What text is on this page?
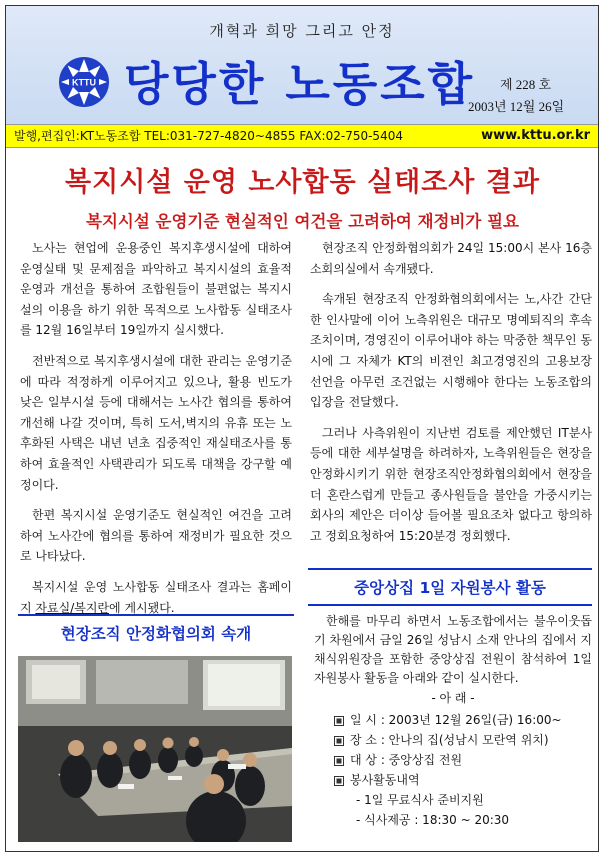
개혁과 희망 그리고 안정
KTTU 당당한 노동조합 제 228 호
2003년 12월 26일
발행,편집인:KT노동조합 TEL:031-727-4820~4855 FAX:02-750-5404	www.kttu.or.kr
복지시설 운영 노사합동 실태조사 결과
복지시설 운영기준 현실적인 여건을 고려하여 재정비가 필요

노사는 현업에 운용중인 복지후생시설에 대하여 운영실태 및 문제점을 파악하고 복지시설의 효율적 운영과 개선을 통하여 조합원들이 불편없는 복지시설의 이용을 하기 위한 목적으로 노사합동 실태조사를 12월 16일부터 19일까지 실시했다.

전반적으로 복지후생시설에 대한 관리는 운영기준에 따라 적정하게 이루어지고 있으나, 활용 빈도가 낮은 일부시설 등에 대해서는 노사간 협의를 통하여 개선해 나갈 것이며, 특히 도서,벽지의 유휴 또는 노후화된 사택은 내년 년초 집중적인 재실태조사를 통하여 효율적인 사택관리가 되도록 대책을 강구할 예정이다.

한편 복지시설 운영기준도 현실적인 여건을 고려하여 노사간에 협의를 통하여 재정비가 필요한 것으로 나타났다.

복지시설 운영 노사합동 실태조사 결과는 홈페이지 자료실/복지란에 게시됐다.

현장조직 안정화협의회가 24일 15:00시 본사 16층 소회의실에서 속개됐다.

속개된 현장조직 안정화협의회에서는 노,사간 간단한 인사말에 이어 노측위원은 대규모 명예퇴직의 후속조치이며, 경영진이 이루어내야 하는 막중한 책무인 동시에 그 자체가 KT의 비젼인 최고경영진의 고용보장 선언을 아무런 조건없는 시행해야 한다는 노동조합의 입장을 전달했다.

그러나 사측위원이 지난번 검토를 제안했던 IT분사 등에 대한 세부설명을 하려하자, 노측위원들은 현장을 안정화시키기 위한 현장조직안정화협의회에서 현장을 더 혼란스럽게 만들고 종사원들을 불안을 가중시키는 회사의 제안은 더이상 들어볼 필요조차 없다고 항의하고 정회요청하여 15:20분경 정회했다.

현장조직 안정화협의회 속개
중앙상집 1일 자원봉사 활동

한해를 마무리 하면서 노동조합에서는 불우이웃돕기 차원에서 금일 26일 성남시 소재 안나의 집에서 지채식위원장을 포함한 중앙상집 전원이 참석하여 1일 자원봉사 활동을 아래와 같이 실시한다.

- 아 래 -
일 시 : 2003년 12월 26일(금) 16:00~
장 소 : 안나의 집(성남시 모란역 위치)
대 상 : 중앙상집 전원
봉사활동내역
- 1일 무료식사 준비지원
- 식사제공 : 18:30 ~ 20:30
